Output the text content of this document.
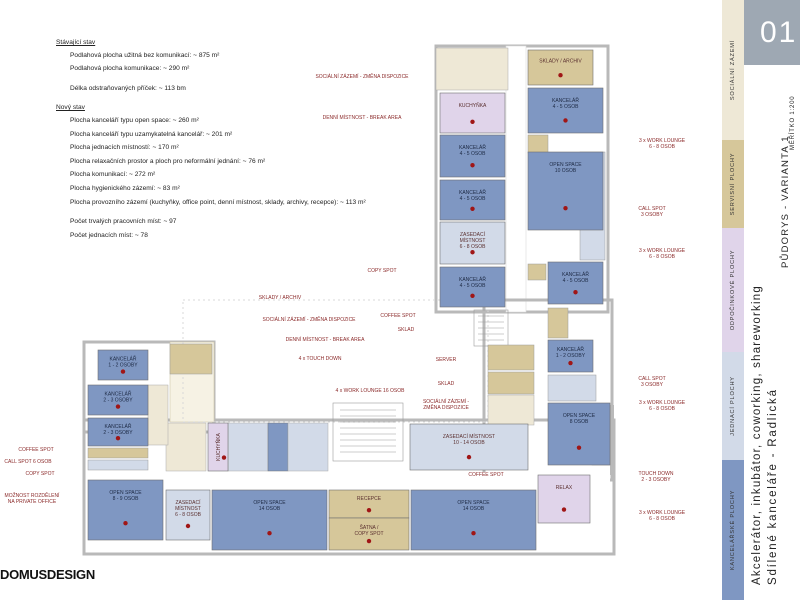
Stávající stav
Podlahová plocha užitná bez komunikací: ~ 875 m²
Podlahová plocha komunikace: ~ 290 m²
Délka odstraňovaných příček: ~ 113 bm
Nový stav
Plocha kanceláří typu open space: ~ 260 m²
Plocha kanceláří typu uzamykatelná kancelář: ~ 201 m²
Plocha jednacích místností: ~ 170 m²
Plocha relaxačních prostor a ploch pro neformální jednání: ~ 76 m²
Plocha komunikací: ~ 272 m²
Plocha hygienického zázemí: ~ 83 m²
Plocha provozního zázemí (kuchyňky, office point, denní místnost, sklady, archivy, recepce): ~ 113 m²
Počet trvalých pracovních míst: ~ 97
Počet jednacích míst: ~ 78
SKLADY / ARCHIV
KUCHYŇKA
KANCELÁŘ 4 - 5 OSOB
KANCELÁŘ 4 - 5 OSOB
KANCELÁŘ 4 - 5 OSOB
OPEN SPACE 10 OSOB
ZASEDACÍ MÍSTNOST 6 - 8 OSOB
KANCELÁŘ 4 - 5 OSOB
KANCELÁŘ 4 - 5 OSOB
KANCELÁŘ 1 - 2 OSOBY
OPEN SPACE 8 OSOB
RELAX
KANCELÁŘ 1 - 2 OSOBY
KANCELÁŘ 2 - 3 OSOBY
KANCELÁŘ 2 - 3 OSOBY
OPEN SPACE 8 - 9 OSOB
KUCHYŇKA
ZASEDACÍ MÍSTNOST 6 - 8 OSOB
OPEN SPACE 14 OSOB
RECEPCE
ŠATNA / COPY SPOT
OPEN SPACE 14 OSOB
ZASEDACÍ MÍSTNOST 10 - 14 OSOB
SOCIÁLNÍ ZÁZEMÍ - ZMĚNA DISPOZICE
DENNÍ MÍSTNOST - BREAK AREA
COPY SPOT
COFFEE SPOT
SKLAD
SERVER
SKLAD
SOCIÁLNÍ ZÁZEMÍ -ZMĚNA DISPOZICE
COFFEE SPOT
SKLADY / ARCHIV
SOCIÁLNÍ ZÁZEMÍ - ZMĚNA DISPOZICE
DENNÍ MÍSTNOST - BREAK AREA
4 x TOUCH DOWN
4 x WORK LOUNGE 16 OSOB
COFFEE SPOT
CALL SPOT 6 OSOB
COPY SPOT
MOŽNOST ROZDĚLENÍ NA PRIVATE OFFICE
3 x WORK LOUNGE 6 - 8 OSOB
CALL SPOT 3 OSOBY
3 x WORK LOUNGE 6 - 8 OSOB
CALL SPOT 3 OSOBY
3 x WORK LOUNGE 6 - 8 OSOB
TOUCH DOWN 2 - 3 OSOBY
3 x WORK LOUNGE 6 - 8 OSOB
DOMUSDESIGN
SOCIÁLNÍ ZÁZEMÍ
SERVISNÍ PLOCHY
ODPOČINKOVÉ PLOCHY
JEDNACÍ PLOCHY
KANCELÁŘSKÉ PLOCHY
01
Akcelerátor, inkubátor, coworking, shareworking Sdílené kanceláře - Radlická
PŮDORYS - VARIANTA 1
MĚŘÍTKO 1:200
